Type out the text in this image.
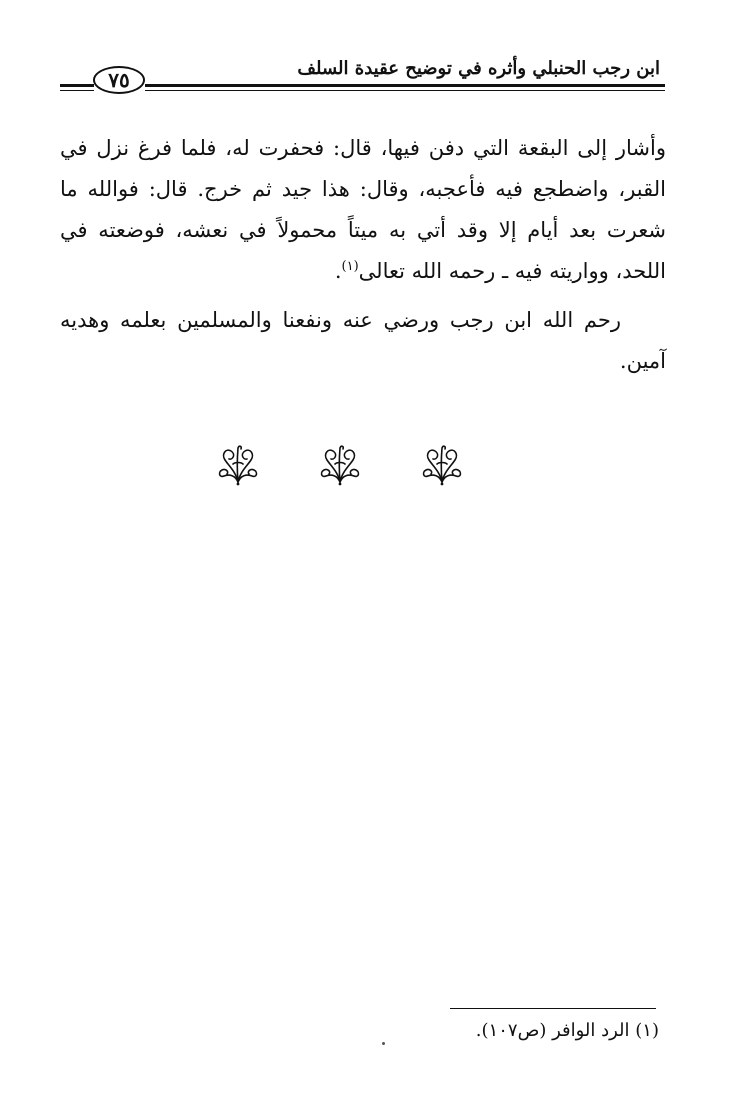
ابن رجب الحنبلي وأثره في توضيح عقيدة السلف
٧٥

وأشار إلى البقعة التي دفن فيها، قال: فحفرت له، فلما فرغ نزل في القبر، واضطجع فيه فأعجبه، وقال: هذا جيد ثم خرج. قال: فوالله ما شعرت بعد أيام إلا وقد أتي به ميتاً محمولاً في نعشه، فوضعته في اللحد، وواريته فيه ـ رحمه الله تعالى$^{(١)}$.

رحم الله ابن رجب ورضي عنه ونفعنا والمسلمين بعلمه وهديه آمين.

(١) الرد الوافر (ص١٠٧).
